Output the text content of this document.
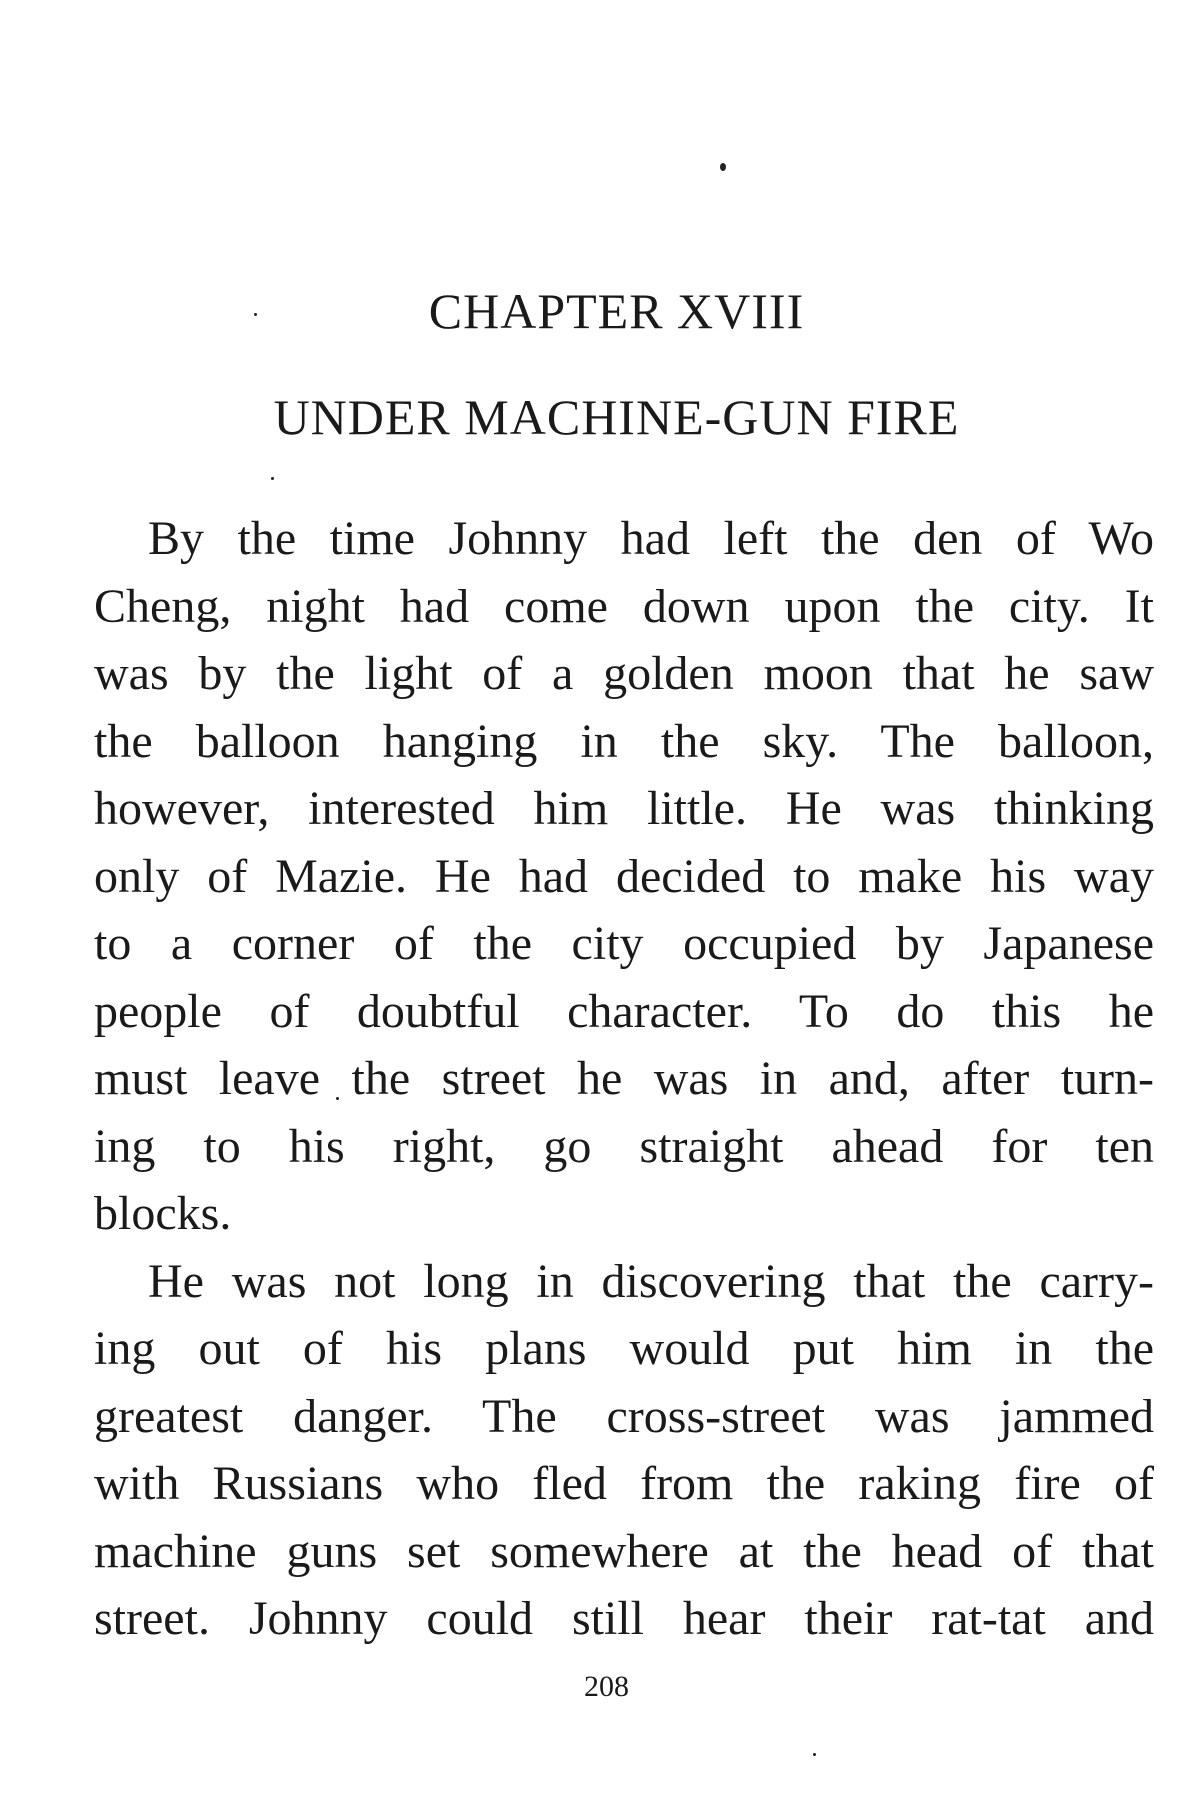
CHAPTER XVIII
UNDER MACHINE-GUN FIRE
By the time Johnny had left the den of Wo
Cheng, night had come down upon the city. It
was by the light of a golden moon that he saw
the balloon hanging in the sky. The balloon,
however, interested him little. He was thinking
only of Mazie. He had decided to make his way
to a corner of the city occupied by Japanese
people of doubtful character. To do this he
must leave the street he was in and, after turn-
ing to his right, go straight ahead for ten
blocks.
He was not long in discovering that the carry-
ing out of his plans would put him in the
greatest danger. The cross-street was jammed
with Russians who fled from the raking fire of
machine guns set somewhere at the head of that
street. Johnny could still hear their rat-tat and
208
